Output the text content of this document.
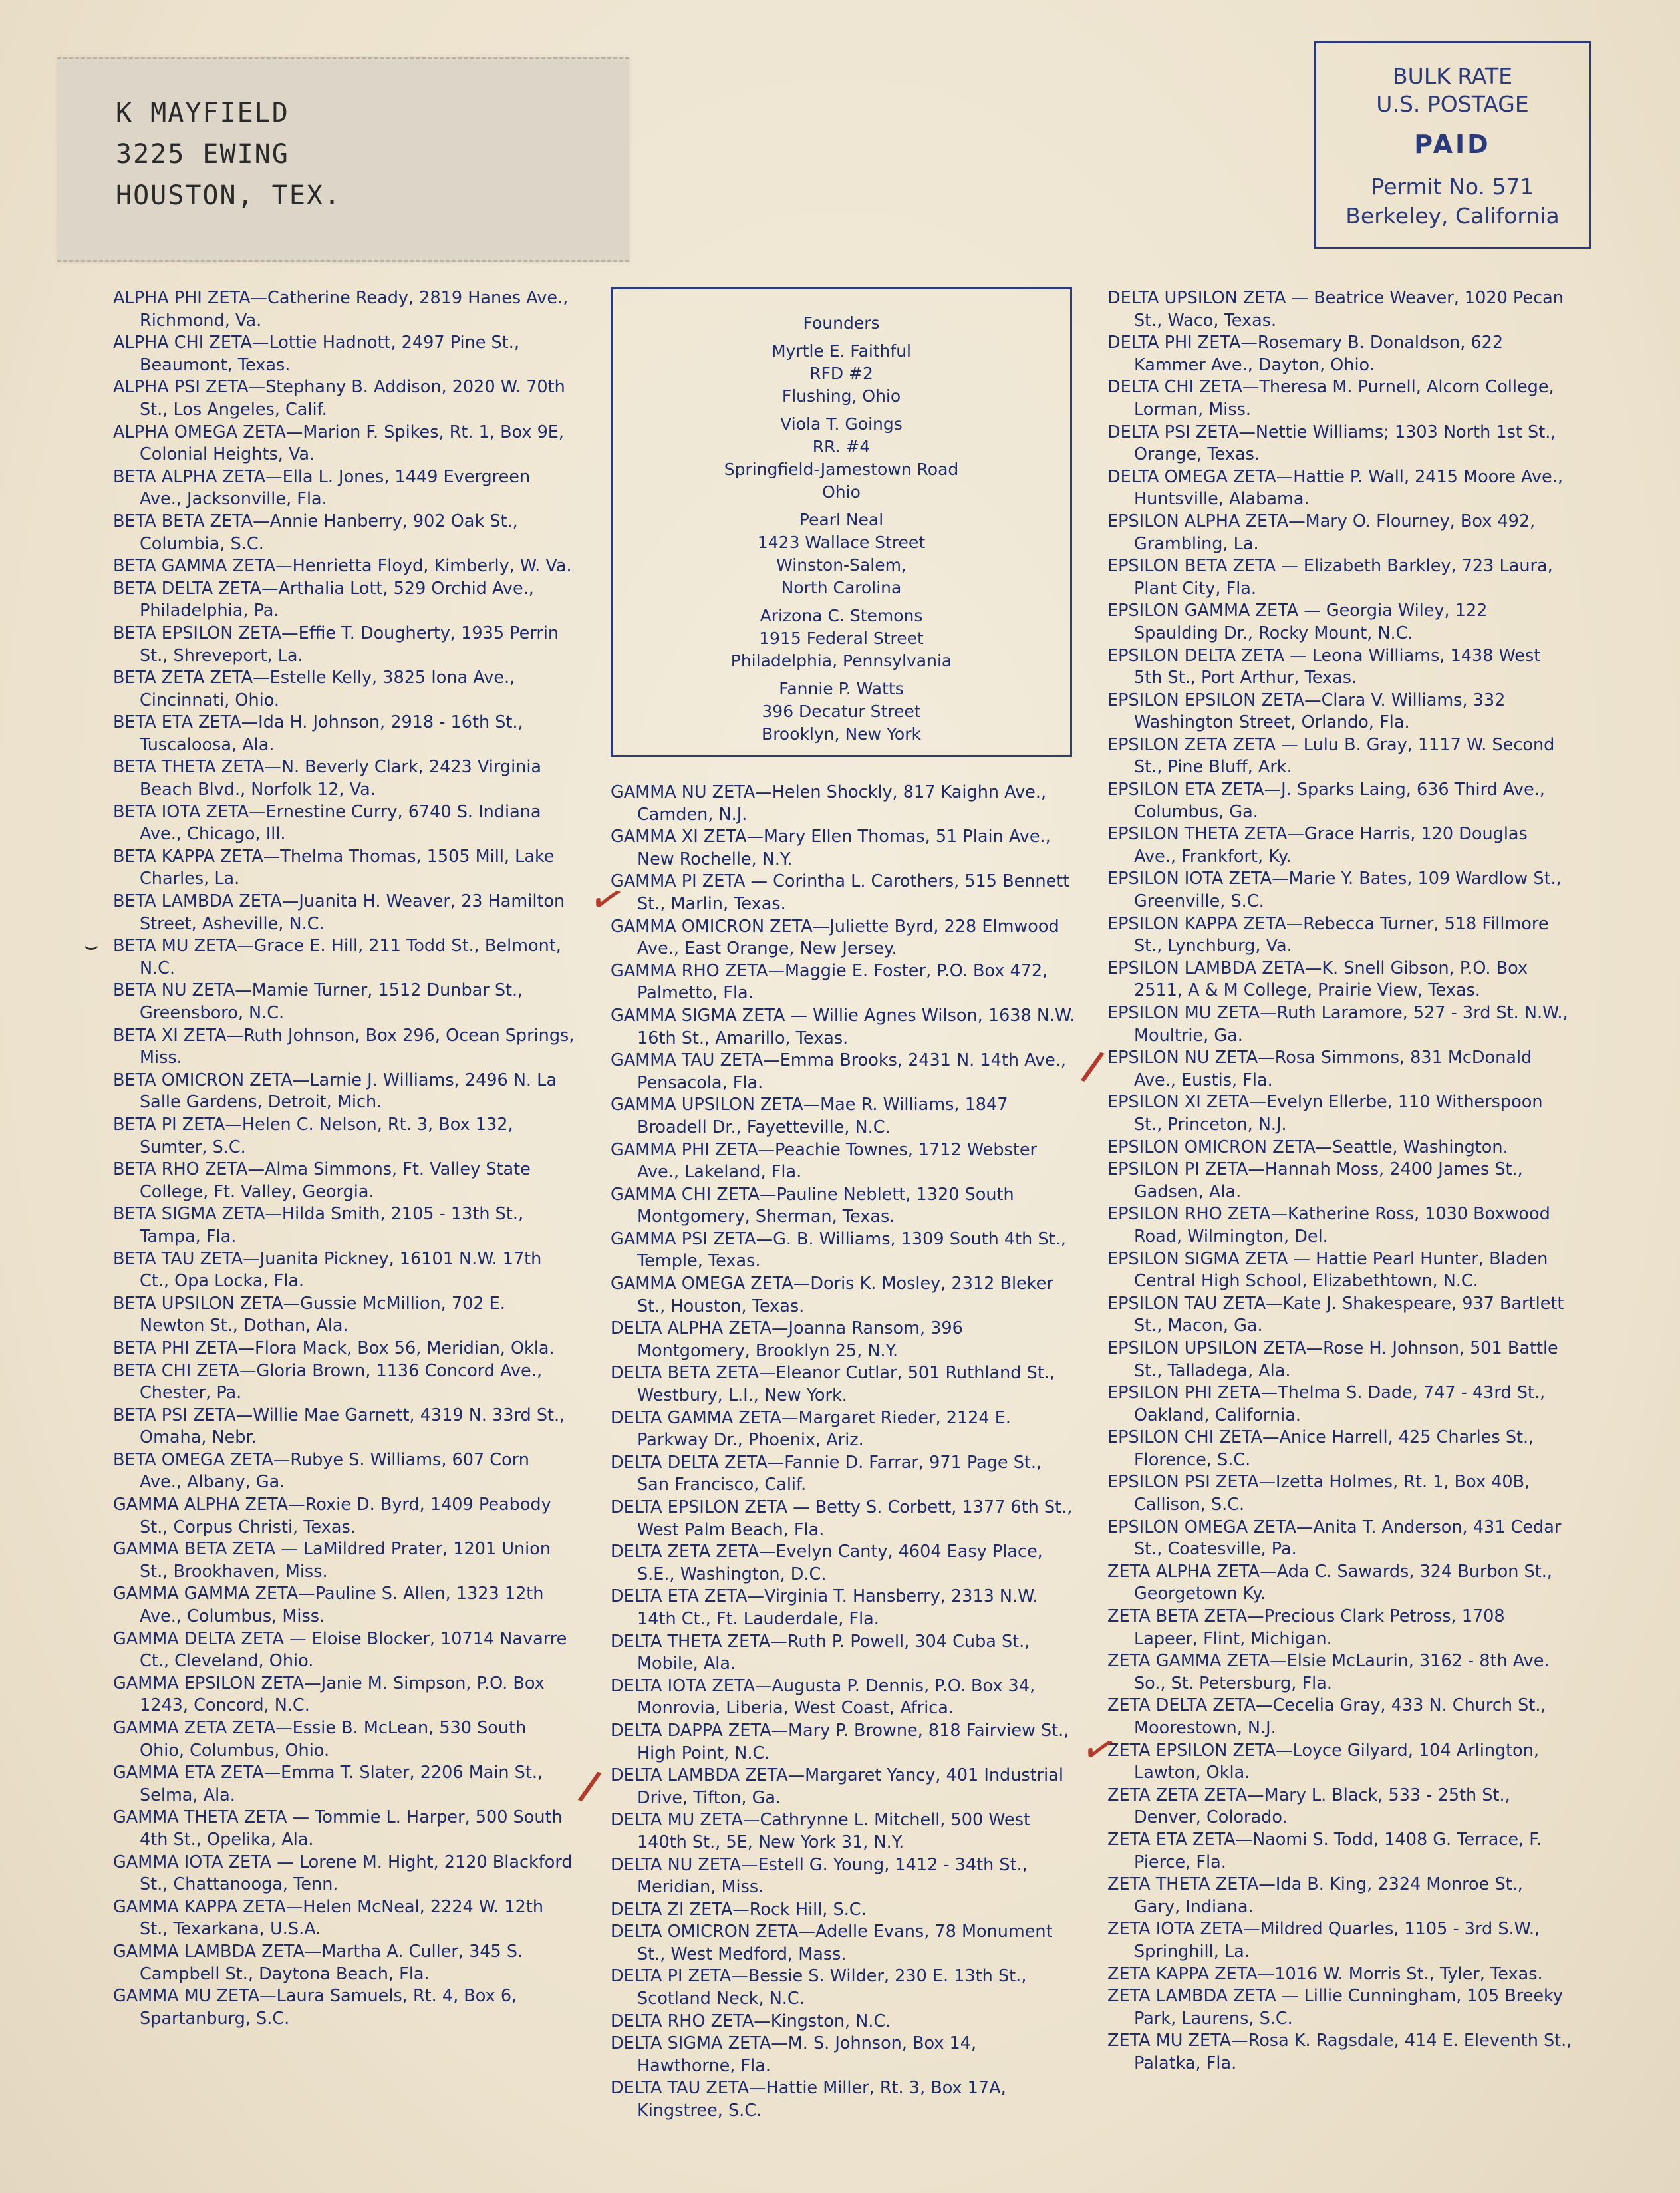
K MAYFIELD
3225 EWING
HOUSTON, TEX.
BULK RATE
U.S. POSTAGE
PAID
Permit No. 571
Berkeley, California
ALPHA PHI ZETA—Catherine Ready, 2819 Hanes Ave., Richmond, Va.
ALPHA CHI ZETA—Lottie Hadnott, 2497 Pine St., Beaumont, Texas.
ALPHA PSI ZETA—Stephany B. Addison, 2020 W. 70th St., Los Angeles, Calif.
ALPHA OMEGA ZETA—Marion F. Spikes, Rt. 1, Box 9E, Colonial Heights, Va.
BETA ALPHA ZETA—Ella L. Jones, 1449 Evergreen Ave., Jacksonville, Fla.
BETA BETA ZETA—Annie Hanberry, 902 Oak St., Columbia, S.C.
BETA GAMMA ZETA—Henrietta Floyd, Kimberly, W. Va.
BETA DELTA ZETA—Arthalia Lott, 529 Orchid Ave., Philadelphia, Pa.
BETA EPSILON ZETA—Effie T. Dougherty, 1935 Perrin St., Shreveport, La.
BETA ZETA ZETA—Estelle Kelly, 3825 Iona Ave., Cincinnati, Ohio.
BETA ETA ZETA—Ida H. Johnson, 2918 - 16th St., Tuscaloosa, Ala.
BETA THETA ZETA—N. Beverly Clark, 2423 Virginia Beach Blvd., Norfolk 12, Va.
BETA IOTA ZETA—Ernestine Curry, 6740 S. Indiana Ave., Chicago, Ill.
BETA KAPPA ZETA—Thelma Thomas, 1505 Mill, Lake Charles, La.
BETA LAMBDA ZETA—Juanita H. Weaver, 23 Hamilton Street, Asheville, N.C.
BETA MU ZETA—Grace E. Hill, 211 Todd St., Belmont, N.C.
BETA NU ZETA—Mamie Turner, 1512 Dunbar St., Greensboro, N.C.
BETA XI ZETA—Ruth Johnson, Box 296, Ocean Springs, Miss.
BETA OMICRON ZETA—Larnie J. Williams, 2496 N. La Salle Gardens, Detroit, Mich.
BETA PI ZETA—Helen C. Nelson, Rt. 3, Box 132, Sumter, S.C.
BETA RHO ZETA—Alma Simmons, Ft. Valley State College, Ft. Valley, Georgia.
BETA SIGMA ZETA—Hilda Smith, 2105 - 13th St., Tampa, Fla.
BETA TAU ZETA—Juanita Pickney, 16101 N.W. 17th Ct., Opa Locka, Fla.
BETA UPSILON ZETA—Gussie McMillion, 702 E. Newton St., Dothan, Ala.
BETA PHI ZETA—Flora Mack, Box 56, Meridian, Okla.
BETA CHI ZETA—Gloria Brown, 1136 Concord Ave., Chester, Pa.
BETA PSI ZETA—Willie Mae Garnett, 4319 N. 33rd St., Omaha, Nebr.
BETA OMEGA ZETA—Rubye S. Williams, 607 Corn Ave., Albany, Ga.
GAMMA ALPHA ZETA—Roxie D. Byrd, 1409 Peabody St., Corpus Christi, Texas.
GAMMA BETA ZETA — LaMildred Prater, 1201 Union St., Brookhaven, Miss.
GAMMA GAMMA ZETA—Pauline S. Allen, 1323 12th Ave., Columbus, Miss.
GAMMA DELTA ZETA — Eloise Blocker, 10714 Navarre Ct., Cleveland, Ohio.
GAMMA EPSILON ZETA—Janie M. Simpson, P.O. Box 1243, Concord, N.C.
GAMMA ZETA ZETA—Essie B. McLean, 530 South Ohio, Columbus, Ohio.
GAMMA ETA ZETA—Emma T. Slater, 2206 Main St., Selma, Ala.
GAMMA THETA ZETA — Tommie L. Harper, 500 South 4th St., Opelika, Ala.
GAMMA IOTA ZETA — Lorene M. Hight, 2120 Blackford St., Chattanooga, Tenn.
GAMMA KAPPA ZETA—Helen McNeal, 2224 W. 12th St., Texarkana, U.S.A.
GAMMA LAMBDA ZETA—Martha A. Culler, 345 S. Campbell St., Daytona Beach, Fla.
GAMMA MU ZETA—Laura Samuels, Rt. 4, Box 6, Spartanburg, S.C.
Founders
Myrtle E. Faithful
RFD #2
Flushing, Ohio
Viola T. Goings
RR. #4
Springfield-Jamestown Road
Ohio
Pearl Neal
1423 Wallace Street
Winston-Salem,
North Carolina
Arizona C. Stemons
1915 Federal Street
Philadelphia, Pennsylvania
Fannie P. Watts
396 Decatur Street
Brooklyn, New York
GAMMA NU ZETA—Helen Shockly, 817 Kaighn Ave., Camden, N.J.
GAMMA XI ZETA—Mary Ellen Thomas, 51 Plain Ave., New Rochelle, N.Y.
GAMMA PI ZETA — Corintha L. Carothers, 515 Bennett St., Marlin, Texas.
GAMMA OMICRON ZETA—Juliette Byrd, 228 Elmwood Ave., East Orange, New Jersey.
GAMMA RHO ZETA—Maggie E. Foster, P.O. Box 472, Palmetto, Fla.
GAMMA SIGMA ZETA — Willie Agnes Wilson, 1638 N.W. 16th St., Amarillo, Texas.
GAMMA TAU ZETA—Emma Brooks, 2431 N. 14th Ave., Pensacola, Fla.
GAMMA UPSILON ZETA—Mae R. Williams, 1847 Broadell Dr., Fayetteville, N.C.
GAMMA PHI ZETA—Peachie Townes, 1712 Webster Ave., Lakeland, Fla.
GAMMA CHI ZETA—Pauline Neblett, 1320 South Montgomery, Sherman, Texas.
GAMMA PSI ZETA—G. B. Williams, 1309 South 4th St., Temple, Texas.
GAMMA OMEGA ZETA—Doris K. Mosley, 2312 Bleker St., Houston, Texas.
DELTA ALPHA ZETA—Joanna Ransom, 396 Montgomery, Brooklyn 25, N.Y.
DELTA BETA ZETA—Eleanor Cutlar, 501 Ruthland St., Westbury, L.I., New York.
DELTA GAMMA ZETA—Margaret Rieder, 2124 E. Parkway Dr., Phoenix, Ariz.
DELTA DELTA ZETA—Fannie D. Farrar, 971 Page St., San Francisco, Calif.
DELTA EPSILON ZETA — Betty S. Corbett, 1377 6th St., West Palm Beach, Fla.
DELTA ZETA ZETA—Evelyn Canty, 4604 Easy Place, S.E., Washington, D.C.
DELTA ETA ZETA—Virginia T. Hansberry, 2313 N.W. 14th Ct., Ft. Lauderdale, Fla.
DELTA THETA ZETA—Ruth P. Powell, 304 Cuba St., Mobile, Ala.
DELTA IOTA ZETA—Augusta P. Dennis, P.O. Box 34, Monrovia, Liberia, West Coast, Africa.
DELTA DAPPA ZETA—Mary P. Browne, 818 Fairview St., High Point, N.C.
DELTA LAMBDA ZETA—Margaret Yancy, 401 Industrial Drive, Tifton, Ga.
DELTA MU ZETA—Cathrynne L. Mitchell, 500 West 140th St., 5E, New York 31, N.Y.
DELTA NU ZETA—Estell G. Young, 1412 - 34th St., Meridian, Miss.
DELTA ZI ZETA—Rock Hill, S.C.
DELTA OMICRON ZETA—Adelle Evans, 78 Monument St., West Medford, Mass.
DELTA PI ZETA—Bessie S. Wilder, 230 E. 13th St., Scotland Neck, N.C.
DELTA RHO ZETA—Kingston, N.C.
DELTA SIGMA ZETA—M. S. Johnson, Box 14, Hawthorne, Fla.
DELTA TAU ZETA—Hattie Miller, Rt. 3, Box 17A, Kingstree, S.C.
DELTA UPSILON ZETA — Beatrice Weaver, 1020 Pecan St., Waco, Texas.
DELTA PHI ZETA—Rosemary B. Donaldson, 622 Kammer Ave., Dayton, Ohio.
DELTA CHI ZETA—Theresa M. Purnell, Alcorn College, Lorman, Miss.
DELTA PSI ZETA—Nettie Williams; 1303 North 1st St., Orange, Texas.
DELTA OMEGA ZETA—Hattie P. Wall, 2415 Moore Ave., Huntsville, Alabama.
EPSILON ALPHA ZETA—Mary O. Flourney, Box 492, Grambling, La.
EPSILON BETA ZETA — Elizabeth Barkley, 723 Laura, Plant City, Fla.
EPSILON GAMMA ZETA — Georgia Wiley, 122 Spaulding Dr., Rocky Mount, N.C.
EPSILON DELTA ZETA — Leona Williams, 1438 West 5th St., Port Arthur, Texas.
EPSILON EPSILON ZETA—Clara V. Williams, 332 Washington Street, Orlando, Fla.
EPSILON ZETA ZETA — Lulu B. Gray, 1117 W. Second St., Pine Bluff, Ark.
EPSILON ETA ZETA—J. Sparks Laing, 636 Third Ave., Columbus, Ga.
EPSILON THETA ZETA—Grace Harris, 120 Douglas Ave., Frankfort, Ky.
EPSILON IOTA ZETA—Marie Y. Bates, 109 Wardlow St., Greenville, S.C.
EPSILON KAPPA ZETA—Rebecca Turner, 518 Fillmore St., Lynchburg, Va.
EPSILON LAMBDA ZETA—K. Snell Gibson, P.O. Box 2511, A & M College, Prairie View, Texas.
EPSILON MU ZETA—Ruth Laramore, 527 - 3rd St. N.W., Moultrie, Ga.
EPSILON NU ZETA—Rosa Simmons, 831 McDonald Ave., Eustis, Fla.
EPSILON XI ZETA—Evelyn Ellerbe, 110 Witherspoon St., Princeton, N.J.
EPSILON OMICRON ZETA—Seattle, Washington.
EPSILON PI ZETA—Hannah Moss, 2400 James St., Gadsen, Ala.
EPSILON RHO ZETA—Katherine Ross, 1030 Boxwood Road, Wilmington, Del.
EPSILON SIGMA ZETA — Hattie Pearl Hunter, Bladen Central High School, Elizabethtown, N.C.
EPSILON TAU ZETA—Kate J. Shakespeare, 937 Bartlett St., Macon, Ga.
EPSILON UPSILON ZETA—Rose H. Johnson, 501 Battle St., Talladega, Ala.
EPSILON PHI ZETA—Thelma S. Dade, 747 - 43rd St., Oakland, California.
EPSILON CHI ZETA—Anice Harrell, 425 Charles St., Florence, S.C.
EPSILON PSI ZETA—Izetta Holmes, Rt. 1, Box 40B, Callison, S.C.
EPSILON OMEGA ZETA—Anita T. Anderson, 431 Cedar St., Coatesville, Pa.
ZETA ALPHA ZETA—Ada C. Sawards, 324 Burbon St., Georgetown Ky.
ZETA BETA ZETA—Precious Clark Petross, 1708 Lapeer, Flint, Michigan.
ZETA GAMMA ZETA—Elsie McLaurin, 3162 - 8th Ave. So., St. Petersburg, Fla.
ZETA DELTA ZETA—Cecelia Gray, 433 N. Church St., Moorestown, N.J.
ZETA EPSILON ZETA—Loyce Gilyard, 104 Arlington, Lawton, Okla.
ZETA ZETA ZETA—Mary L. Black, 533 - 25th St., Denver, Colorado.
ZETA ETA ZETA—Naomi S. Todd, 1408 G. Terrace, F. Pierce, Fla.
ZETA THETA ZETA—Ida B. King, 2324 Monroe St., Gary, Indiana.
ZETA IOTA ZETA—Mildred Quarles, 1105 - 3rd S.W., Springhill, La.
ZETA KAPPA ZETA—1016 W. Morris St., Tyler, Texas.
ZETA LAMBDA ZETA — Lillie Cunningham, 105 Breeky Park, Laurens, S.C.
ZETA MU ZETA—Rosa K. Ragsdale, 414 E. Eleventh St., Palatka, Fla.
✓
/
/
✓
⌣
